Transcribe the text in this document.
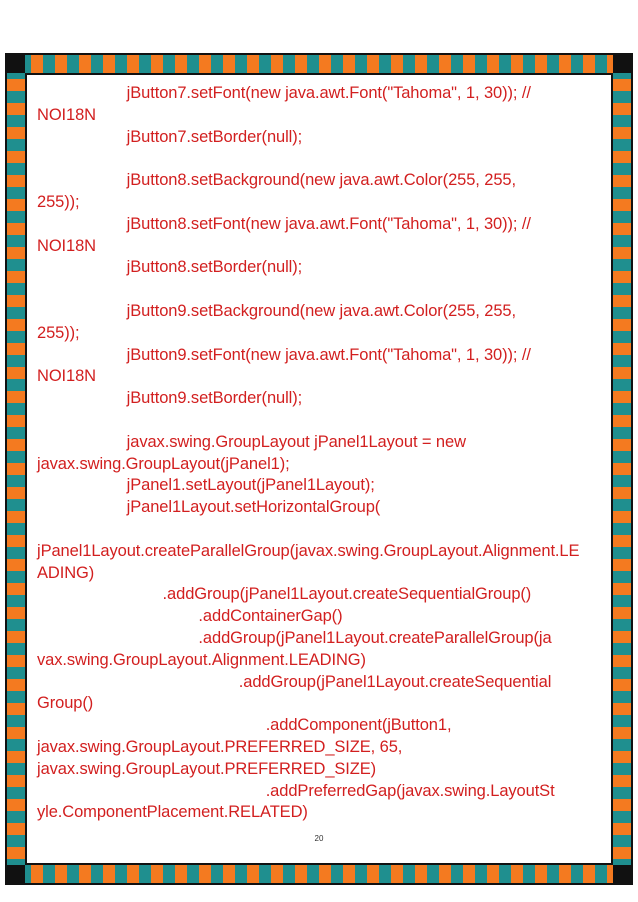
jButton7.setFont(new java.awt.Font("Tahoma", 1, 30)); //
NOI18N
jButton7.setBorder(null);

jButton8.setBackground(new java.awt.Color(255, 255,
255));
jButton8.setFont(new java.awt.Font("Tahoma", 1, 30)); //
NOI18N
jButton8.setBorder(null);

jButton9.setBackground(new java.awt.Color(255, 255,
255));
jButton9.setFont(new java.awt.Font("Tahoma", 1, 30)); //
NOI18N
jButton9.setBorder(null);

javax.swing.GroupLayout jPanel1Layout = new
javax.swing.GroupLayout(jPanel1);
jPanel1.setLayout(jPanel1Layout);
jPanel1Layout.setHorizontalGroup(

jPanel1Layout.createParallelGroup(javax.swing.GroupLayout.Alignment.LE
ADING)
.addGroup(jPanel1Layout.createSequentialGroup()
.addContainerGap()
.addGroup(jPanel1Layout.createParallelGroup(ja
vax.swing.GroupLayout.Alignment.LEADING)
.addGroup(jPanel1Layout.createSequential
Group()
.addComponent(jButton1,
javax.swing.GroupLayout.PREFERRED_SIZE, 65,
javax.swing.GroupLayout.PREFERRED_SIZE)
.addPreferredGap(javax.swing.LayoutSt
yle.ComponentPlacement.RELATED)
20
